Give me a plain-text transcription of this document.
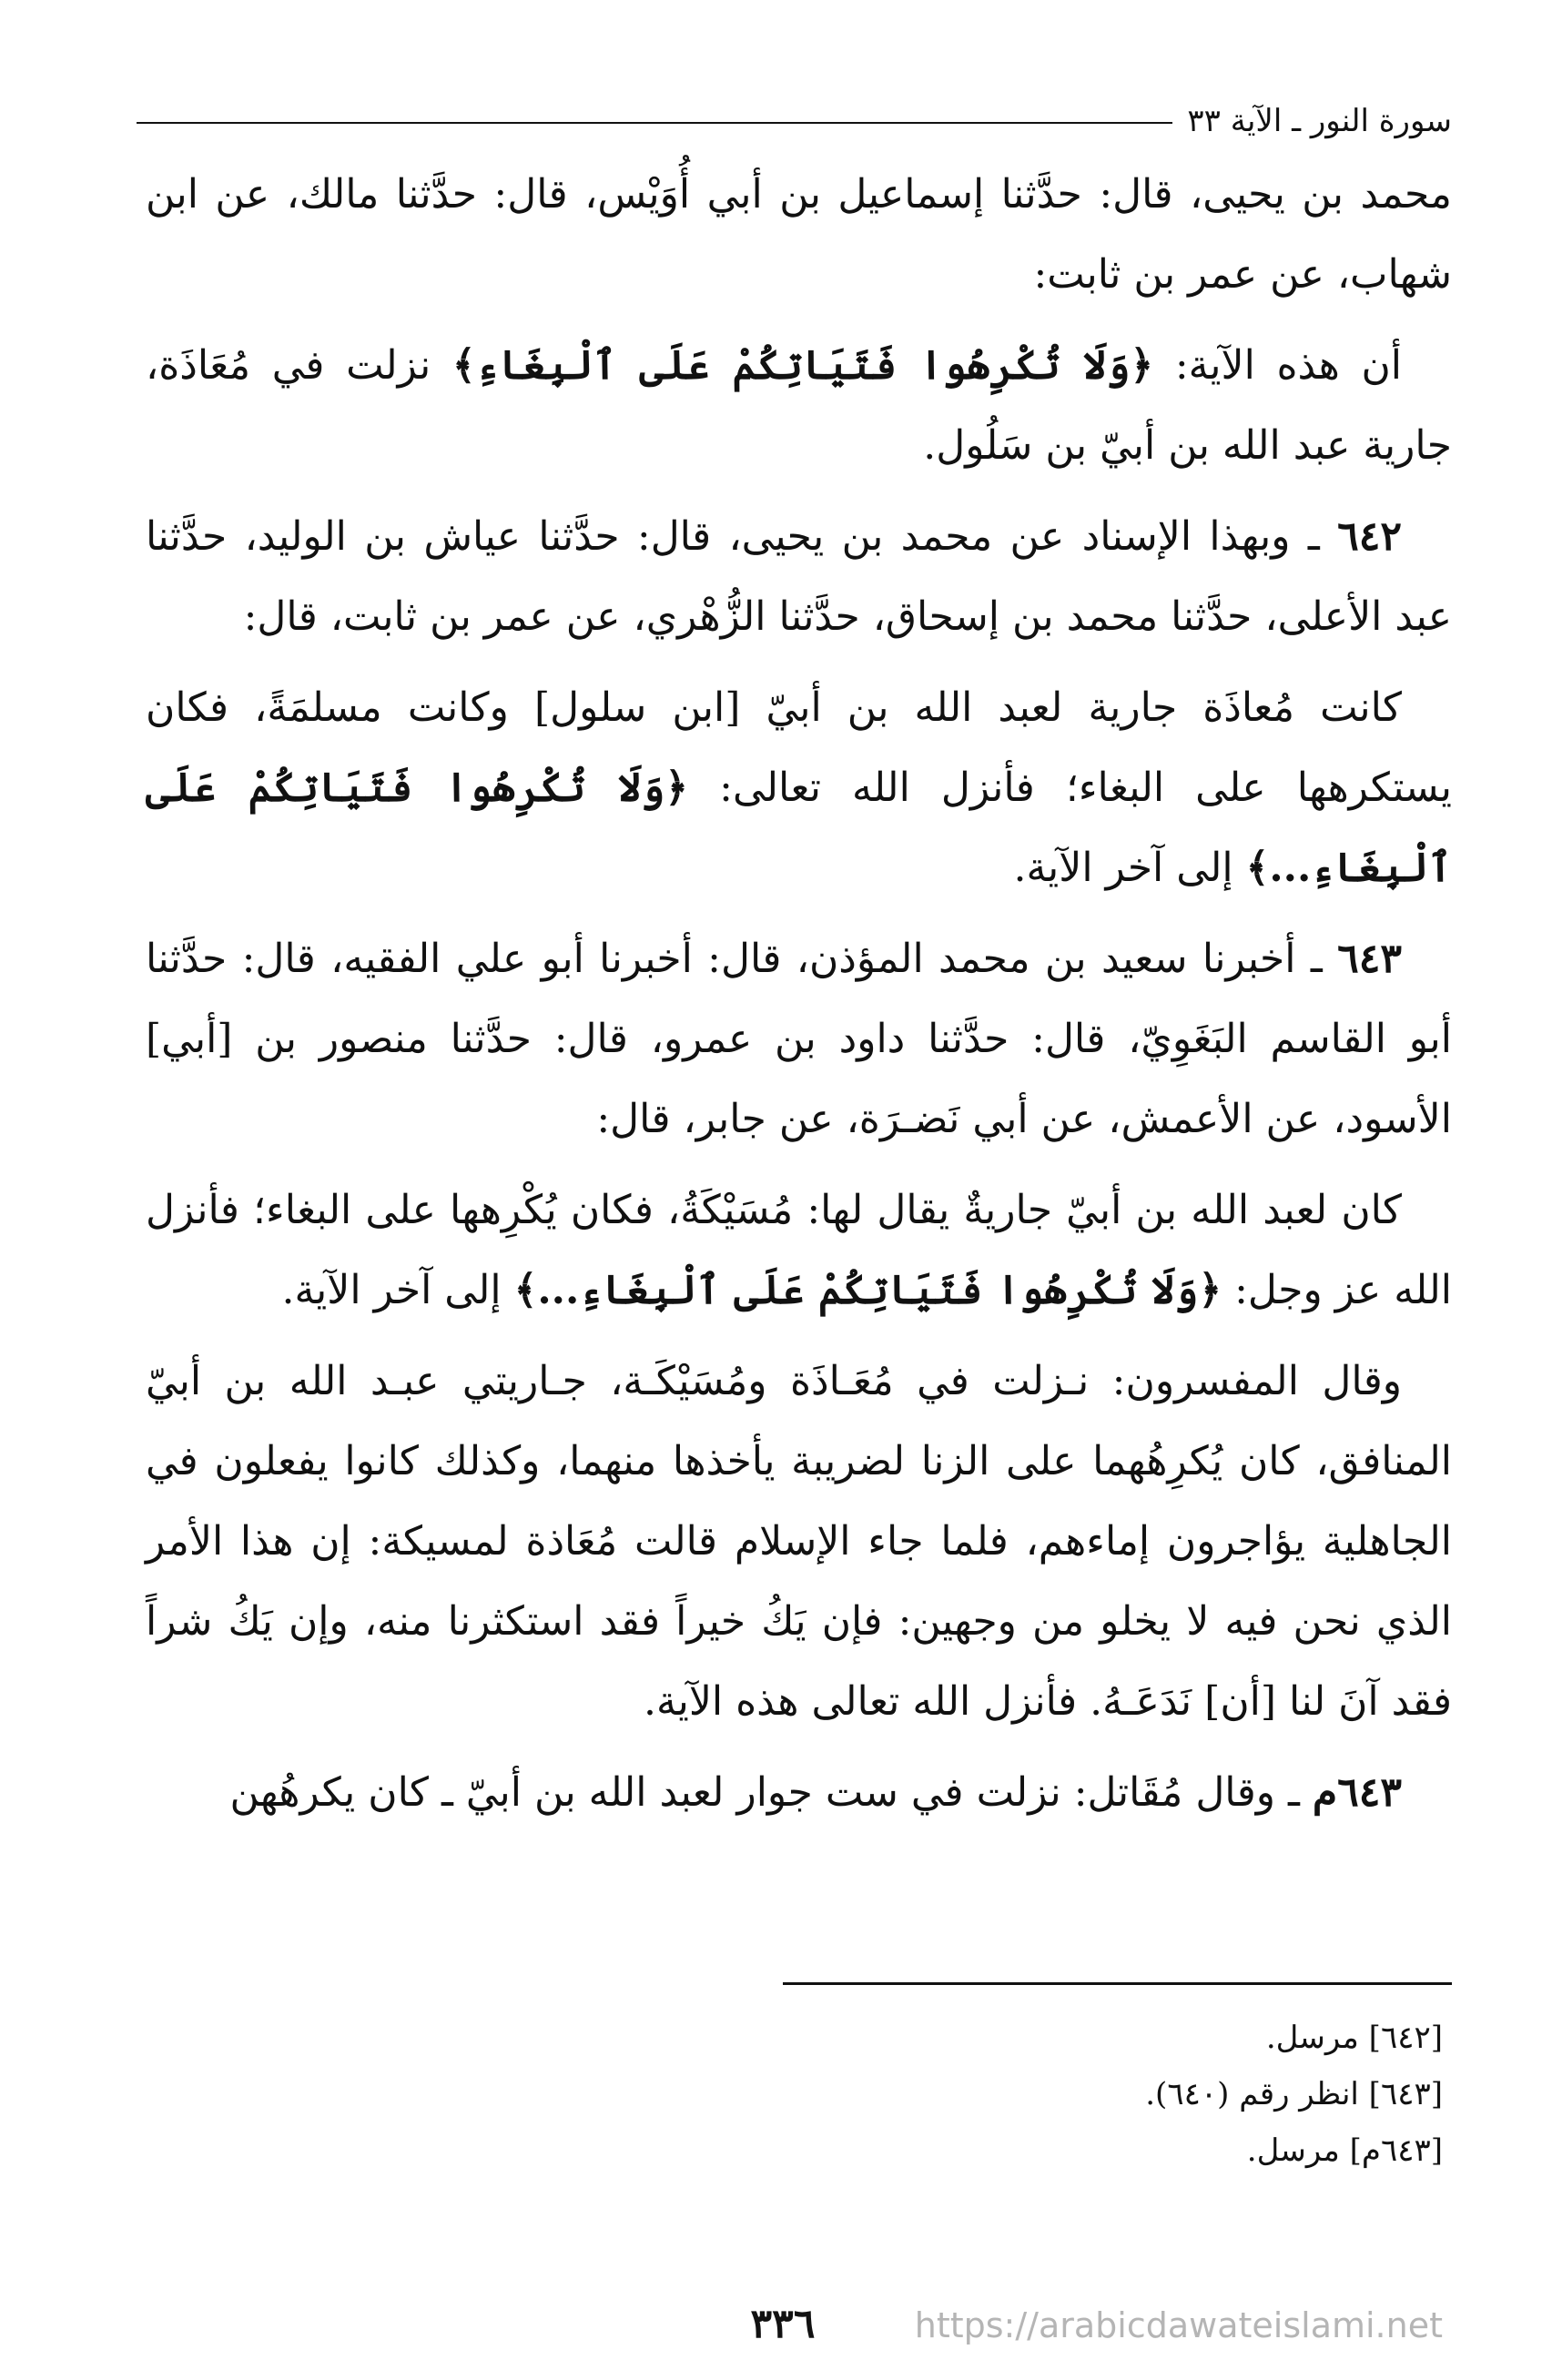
سورة النور ـ الآية ٣٣

محمد بن يحيى، قال: حدَّثنا إسماعيل بن أبي أُوَيْس، قال: حدَّثنا مالك، عن ابن شهاب، عن عمر بن ثابت:

أن هذه الآية: ﴿وَلَا تُكْرِهُوا فَتَيَاتِكُمْ عَلَى ٱلْبِغَاءِ﴾ نزلت في مُعَاذَة، جارية عبد الله بن أبيّ بن سَلُول.

٦٤٢ ـ وبهذا الإسناد عن محمد بن يحيى، قال: حدَّثنا عياش بن الوليد، حدَّثنا عبد الأعلى، حدَّثنا محمد بن إسحاق، حدَّثنا الزُّهْري، عن عمر بن ثابت، قال:

كانت مُعاذَة جارية لعبد الله بن أبيّ [ابن سلول] وكانت مسلمَةً، فكان يستكرهها على البغاء؛ فأنزل الله تعالى: ﴿وَلَا تُكْرِهُوا فَتَيَاتِكُمْ عَلَى ٱلْبِغَاءِ...﴾ إلى آخر الآية.

٦٤٣ ـ أخبرنا سعيد بن محمد المؤذن، قال: أخبرنا أبو علي الفقيه، قال: حدَّثنا أبو القاسم البَغَوِيّ، قال: حدَّثنا داود بن عمرو، قال: حدَّثنا منصور بن [أبي] الأسود، عن الأعمش، عن أبي نَضـرَة، عن جابر، قال:

كان لعبد الله بن أبيّ جاريةٌ يقال لها: مُسَيْكَةُ، فكان يُكْرِهها على البغاء؛ فأنزل الله عز وجل: ﴿وَلَا تُكْرِهُوا فَتَيَاتِكُمْ عَلَى ٱلْبِغَاءِ...﴾ إلى آخر الآية.

وقال المفسرون: نـزلت في مُعَـاذَة ومُسَيْكَـة، جـاريتي عبـد الله بن أبيّ المنافق، كان يُكرِهُهما على الزنا لضريبة يأخذها منهما، وكذلك كانوا يفعلون في الجاهلية يؤاجرون إماءهم، فلما جاء الإسلام قالت مُعَاذة لمسيكة: إن هذا الأمر الذي نحن فيه لا يخلو من وجهين: فإن يَكُ خيراً فقد استكثرنا منه، وإن يَكُ شراً فقد آنَ لنا [أن] نَدَعَـهُ. فأنزل الله تعالى هذه الآية.

٦٤٣م ـ وقال مُقَاتل: نزلت في ست جوار لعبد الله بن أبيّ ـ كان يكرهُهن

[٦٤٢] مرسل.
[٦٤٣] انظر رقم (٦٤٠).
[٦٤٣م] مرسل.
٣٣٦	https://arabicdawateislami.net
